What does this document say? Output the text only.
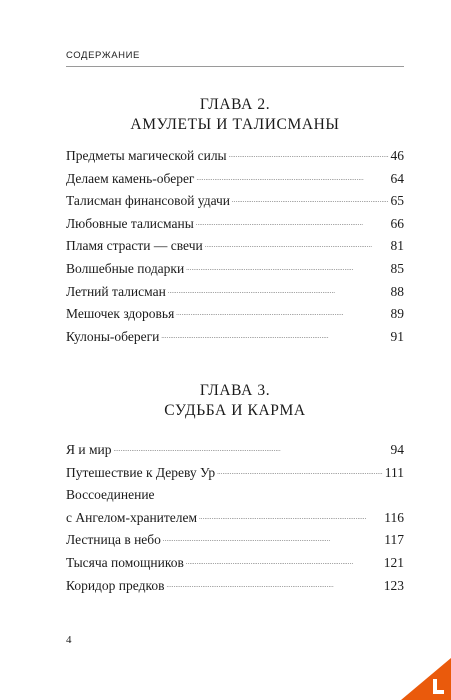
СОДЕРЖАНИЕ
ГЛАВА 2.
АМУЛЕТЫ И ТАЛИСМАНЫ
Предметы магической силы . . .	46
Делаем камень-оберег . . .	64
Талисман финансовой удачи . . .	65
Любовные талисманы . . .	66
Пламя страсти — свечи . . .	81
Волшебные подарки . . .	85
Летний талисман . . .	88
Мешочек здоровья . . .	89
Кулоны-обереги . . .	91
ГЛАВА 3.
СУДЬБА И КАРМА
Я и мир . . .	94
Путешествие к Дереву Ур . . .	111
Воссоединение
с Ангелом-хранителем . . .	116
Лестница в небо . . .	117
Тысяча помощников . . .	121
Коридор предков . . .	123
4
